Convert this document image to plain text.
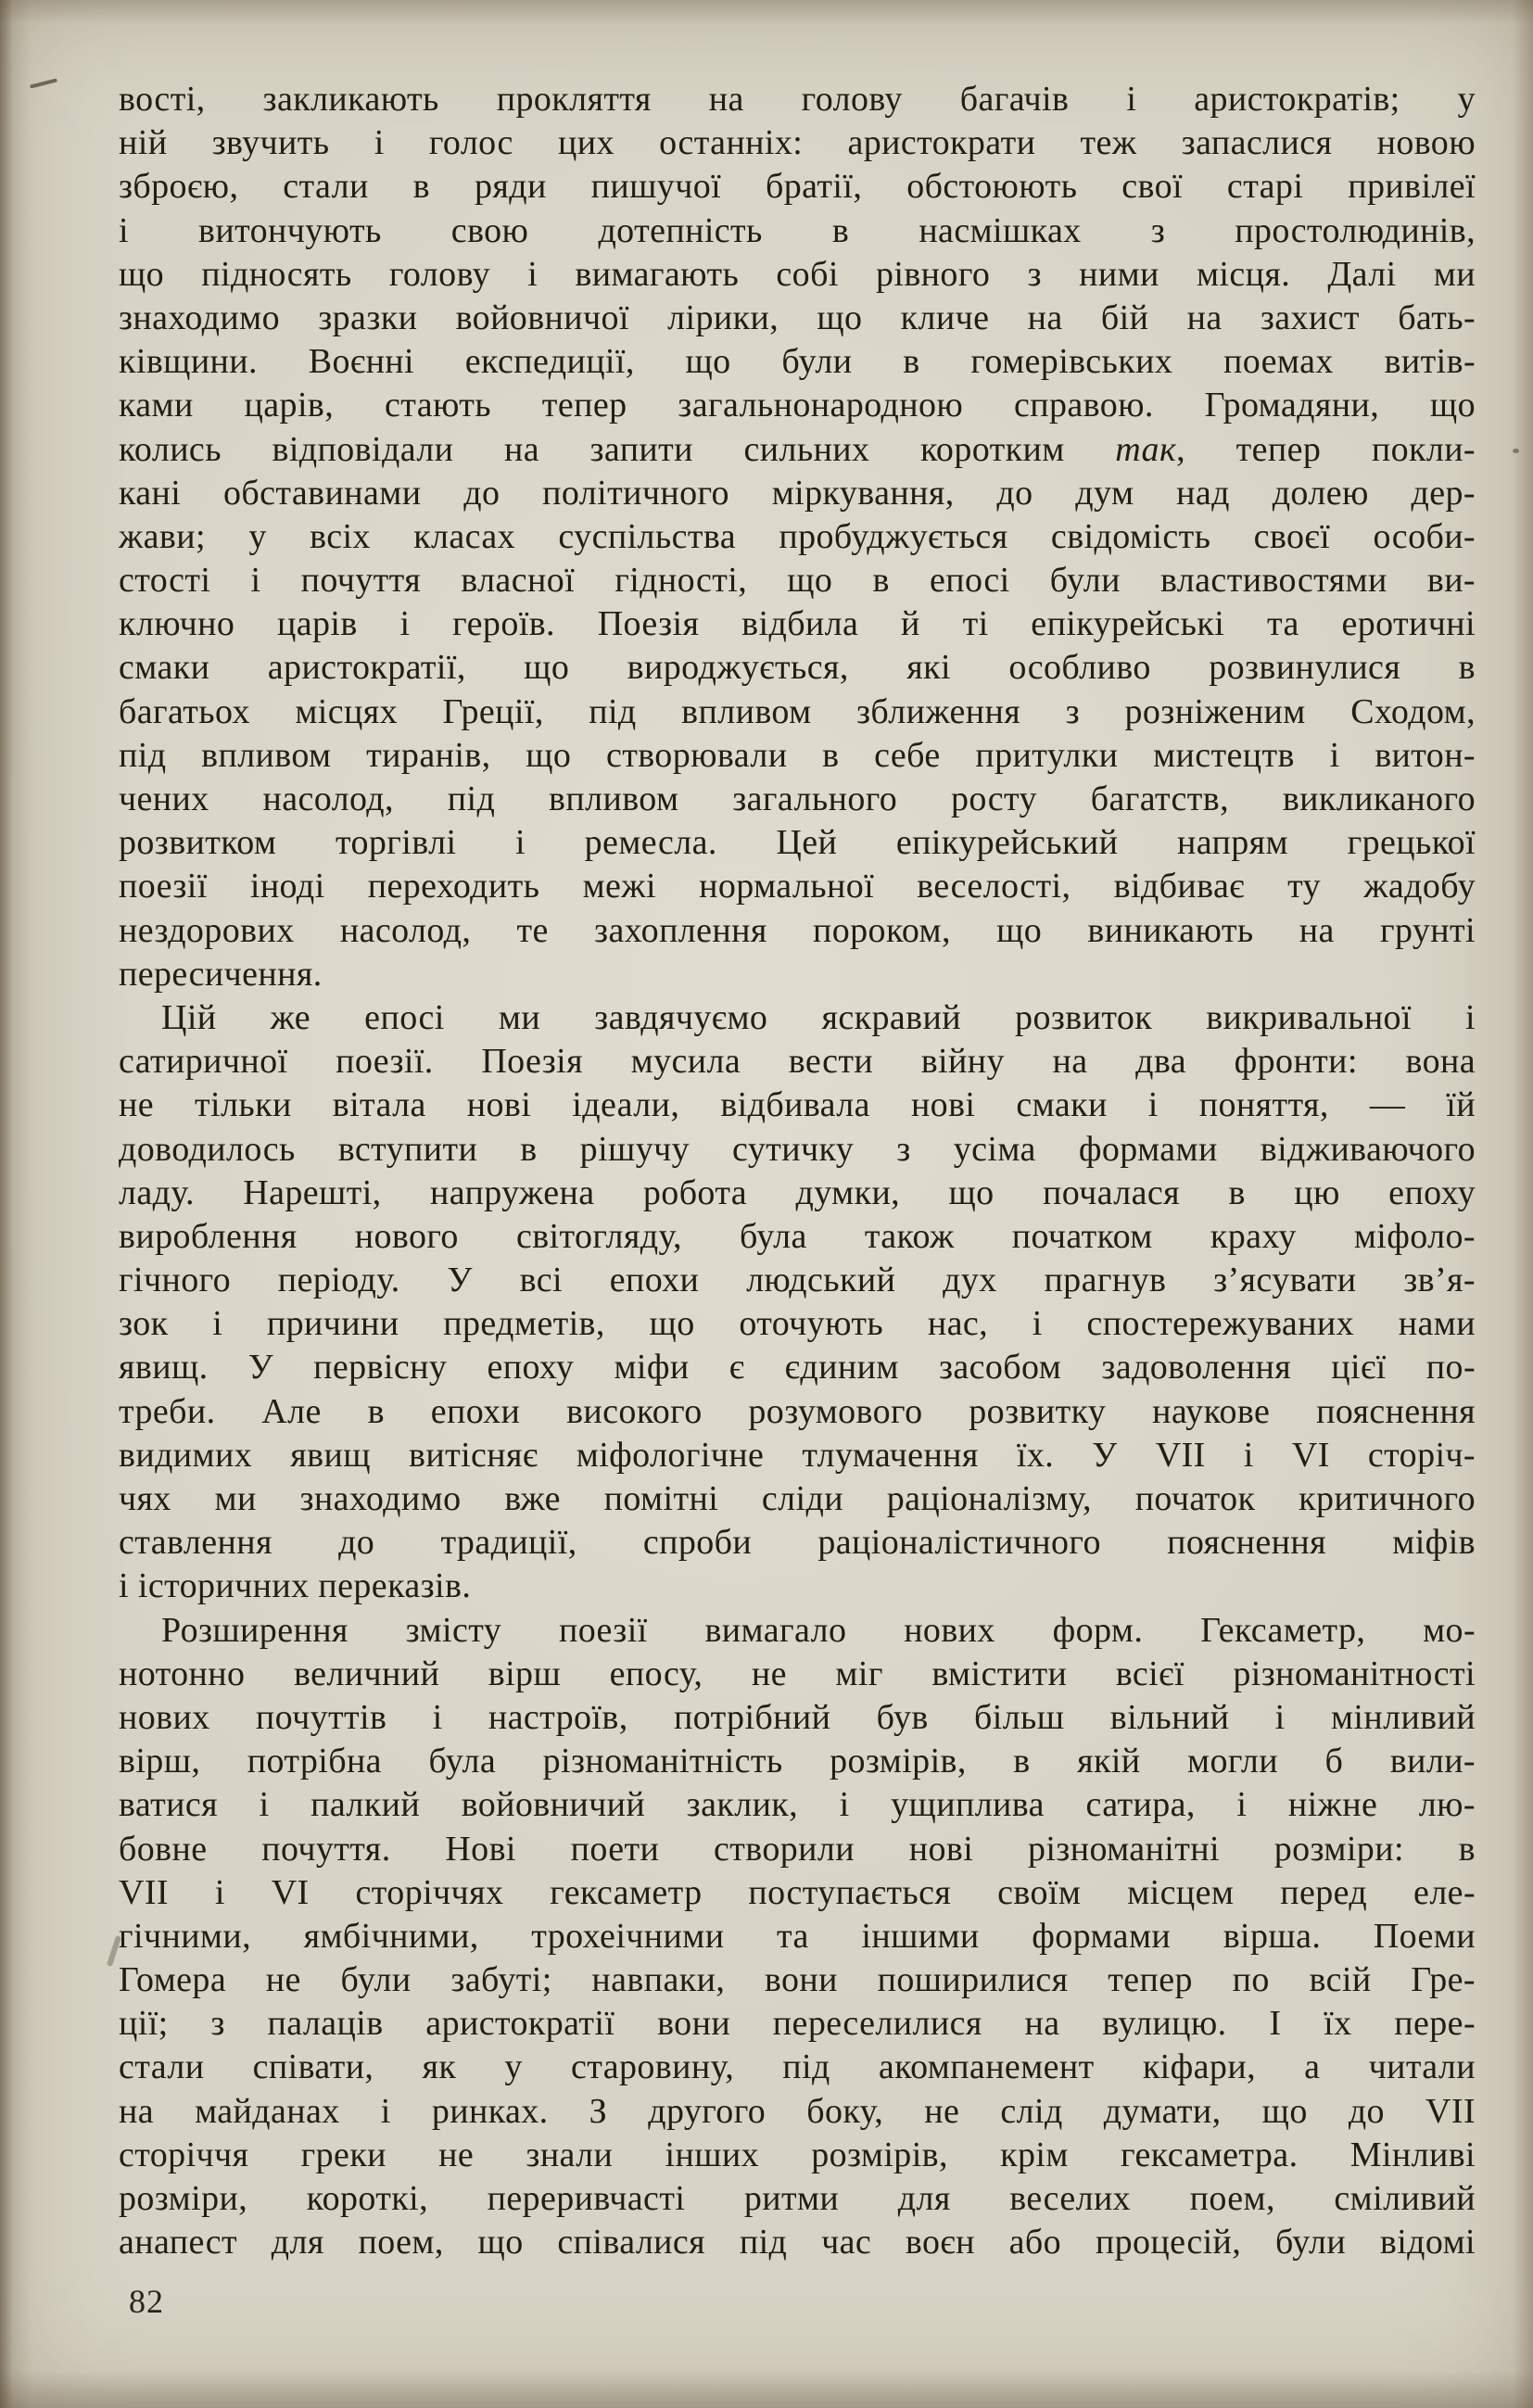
вості, закликають прокляття на голову багачів і аристократів; у
ній звучить і голос цих останніх: аристократи теж запаслися новою
зброєю, стали в ряди пишучої братії, обстоюють свої старі привілеї
і витончують свою дотепність в насмішках з простолюдинів,
що підносять голову і вимагають собі рівного з ними місця. Далі ми
знаходимо зразки войовничої лірики, що кличе на бій на захист бать-
ківщини. Воєнні експедиції, що були в гомерівських поемах витів-
ками царів, стають тепер загальнонародною справою. Громадяни, що
колись відповідали на запити сильних коротким так, тепер покли-
кані обставинами до політичного міркування, до дум над долею дер-
жави; у всіх класах суспільства пробуджується свідомість своєї особи-
стості і почуття власної гідності, що в епосі були властивостями ви-
ключно царів і героїв. Поезія відбила й ті епікурейські та еротичні
смаки аристократії, що вироджується, які особливо розвинулися в
багатьох місцях Греції, під впливом зближення з розніженим Сходом,
під впливом тиранів, що створювали в себе притулки мистецтв і витон-
чених насолод, під впливом загального росту багатств, викликаного
розвитком торгівлі і ремесла. Цей епікурейський напрям грецької
поезії іноді переходить межі нормальної веселості, відбиває ту жадобу
нездорових насолод, те захоплення пороком, що виникають на грунті
пересичення.
Цій же епосі ми завдячуємо яскравий розвиток викривальної і
сатиричної поезії. Поезія мусила вести війну на два фронти: вона
не тільки вітала нові ідеали, відбивала нові смаки і поняття, — їй
доводилось вступити в рішучу сутичку з усіма формами відживаючого
ладу. Нарешті, напружена робота думки, що почалася в цю епоху
вироблення нового світогляду, була також початком краху міфоло-
гічного періоду. У всі епохи людський дух прагнув з’ясувати зв’я-
зок і причини предметів, що оточують нас, і спостережуваних нами
явищ. У первісну епоху міфи є єдиним засобом задоволення цієї по-
треби. Але в епохи високого розумового розвитку наукове пояснення
видимих явищ витісняє міфологічне тлумачення їх. У VII і VI сторіч-
чях ми знаходимо вже помітні сліди раціоналізму, початок критичного
ставлення до традиції, спроби раціоналістичного пояснення міфів
і історичних переказів.
Розширення змісту поезії вимагало нових форм. Гексаметр, мо-
нотонно величний вірш епосу, не міг вмістити всієї різноманітності
нових почуттів і настроїв, потрібний був більш вільний і мінливий
вірш, потрібна була різноманітність розмірів, в якій могли б вили-
ватися і палкий войовничий заклик, і ущиплива сатира, і ніжне лю-
бовне почуття. Нові поети створили нові різноманітні розміри: в
VII і VI сторіччях гексаметр поступається своїм місцем перед еле-
гічними, ямбічними, трохеічними та іншими формами вірша. Поеми
Гомера не були забуті; навпаки, вони поширилися тепер по всій Гре-
ції; з палаців аристократії вони переселилися на вулицю. І їх пере-
стали співати, як у старовину, під акомпанемент кіфари, а читали
на майданах і ринках. З другого боку, не слід думати, що до VII
сторіччя греки не знали інших розмірів, крім гексаметра. Мінливі
розміри, короткі, переривчасті ритми для веселих поем, сміливий
анапест для поем, що співалися під час воєн або процесій, були відомі
82
